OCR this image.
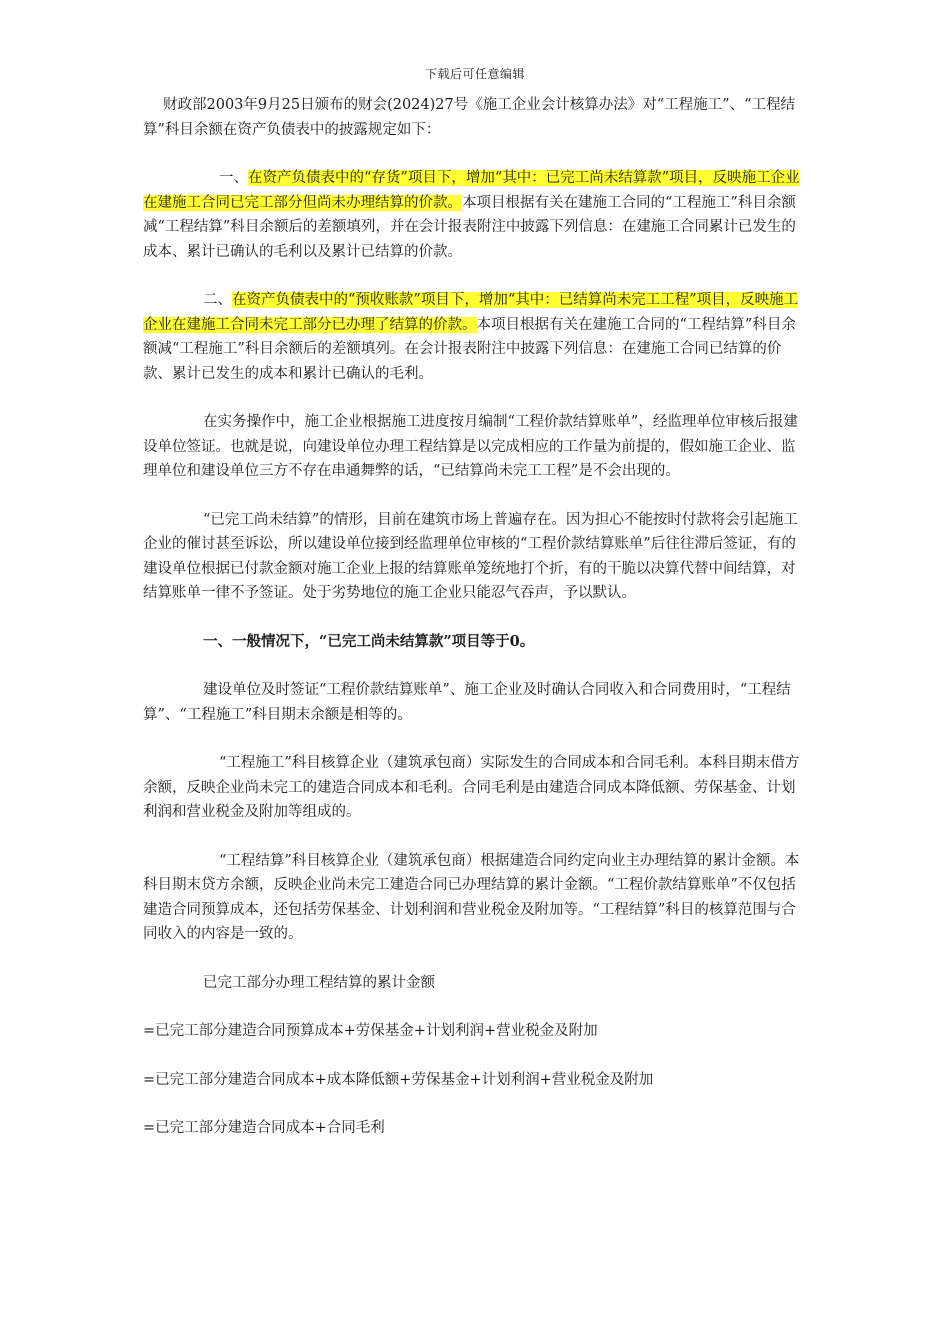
下载后可任意编辑

财政部2003年9月25日颁布的财会(2024)27号《施工企业会计核算办法》对“工程施工”、“工程结算”科目余额在资产负债表中的披露规定如下：

一、在资产负债表中的“存货”项目下，增加“其中：已完工尚未结算款”项目，反映施工企业在建施工合同已完工部分但尚未办理结算的价款。本项目根据有关在建施工合同的“工程施工”科目余额减“工程结算”科目余额后的差额填列，并在会计报表附注中披露下列信息：在建施工合同累计已发生的成本、累计已确认的毛利以及累计已结算的价款。

二、在资产负债表中的“预收账款”项目下，增加“其中：已结算尚未完工工程”项目，反映施工企业在建施工合同未完工部分已办理了结算的价款。本项目根据有关在建施工合同的“工程结算”科目余额减“工程施工”科目余额后的差额填列。在会计报表附注中披露下列信息：在建施工合同已结算的价款、累计已发生的成本和累计已确认的毛利。

在实务操作中，施工企业根据施工进度按月编制“工程价款结算账单”，经监理单位审核后报建设单位签证。也就是说，向建设单位办理工程结算是以完成相应的工作量为前提的，假如施工企业、监理单位和建设单位三方不存在串通舞弊的话，“已结算尚未完工工程”是不会出现的。

“已完工尚未结算”的情形，目前在建筑市场上普遍存在。因为担心不能按时付款将会引起施工企业的催讨甚至诉讼，所以建设单位接到经监理单位审核的“工程价款结算账单”后往往滞后签证，有的建设单位根据已付款金额对施工企业上报的结算账单笼统地打个折，有的干脆以决算代替中间结算，对结算账单一律不予签证。处于劣势地位的施工企业只能忍气吞声，予以默认。

一、一般情况下，“已完工尚未结算款”项目等于0。

建设单位及时签证“工程价款结算账单”、施工企业及时确认合同收入和合同费用时，“工程结算”、“工程施工”科目期末余额是相等的。

“工程施工”科目核算企业（建筑承包商）实际发生的合同成本和合同毛利。本科目期末借方余额，反映企业尚未完工的建造合同成本和毛利。合同毛利是由建造合同成本降低额、劳保基金、计划利润和营业税金及附加等组成的。

“工程结算”科目核算企业（建筑承包商）根据建造合同约定向业主办理结算的累计金额。本科目期末贷方余额，反映企业尚未完工建造合同已办理结算的累计金额。“工程价款结算账单”不仅包括建造合同预算成本，还包括劳保基金、计划利润和营业税金及附加等。“工程结算”科目的核算范围与合同收入的内容是一致的。

已完工部分办理工程结算的累计金额

=已完工部分建造合同预算成本+劳保基金+计划利润+营业税金及附加

=已完工部分建造合同成本+成本降低额+劳保基金+计划利润+营业税金及附加

=已完工部分建造合同成本+合同毛利
